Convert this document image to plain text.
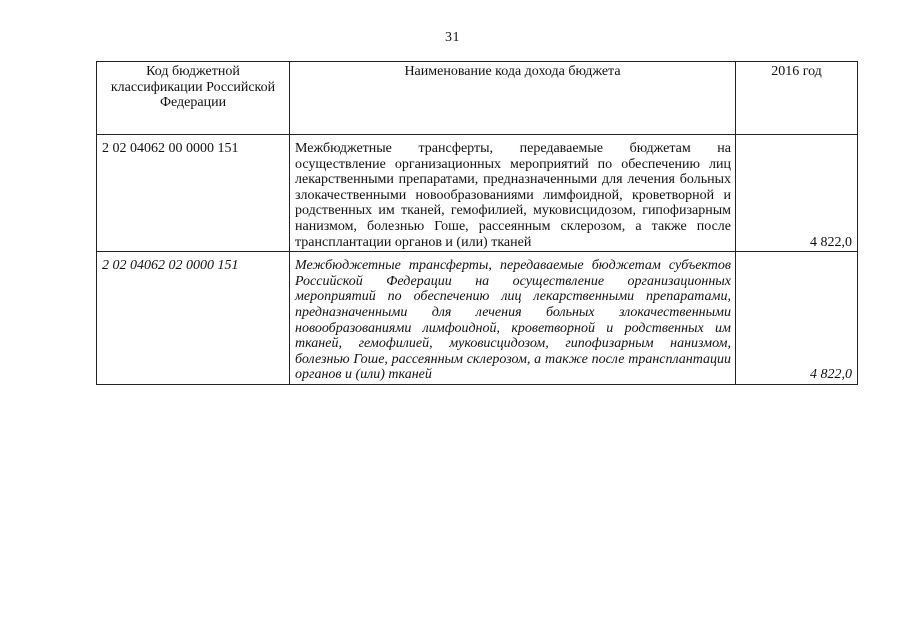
31
Код бюджетной классификации Российской Федерации	Наименование кода дохода бюджета	2016 год
2 02 04062 00 0000 151	Межбюджетные трансферты, передаваемые бюджетам на осуществление организационных мероприятий по обеспечению лиц лекарственными препаратами, предназначенными для лечения больных злокачественными новообразованиями лимфоидной, кроветворной и родственных им тканей, гемофилией, муковисцидозом, гипофизарным нанизмом, болезнью Гоше, рассеянным склерозом, а также после трансплантации органов и (или) тканей	4 822,0

2 02 04062 02 0000 151	Межбюджетные трансферты, передаваемые бюджетам субъектов Российской Федерации на осуществление организационных мероприятий по обеспечению лиц лекарственными препаратами, предназначенными для лечения больных злокачественными новообразованиями лимфоидной, кроветворной и родственных им тканей, гемофилией, муковисцидозом, гипофизарным нанизмом, болезнью Гоше, рассеянным склерозом, а также после трансплантации органов и (или) тканей	4 822,0
